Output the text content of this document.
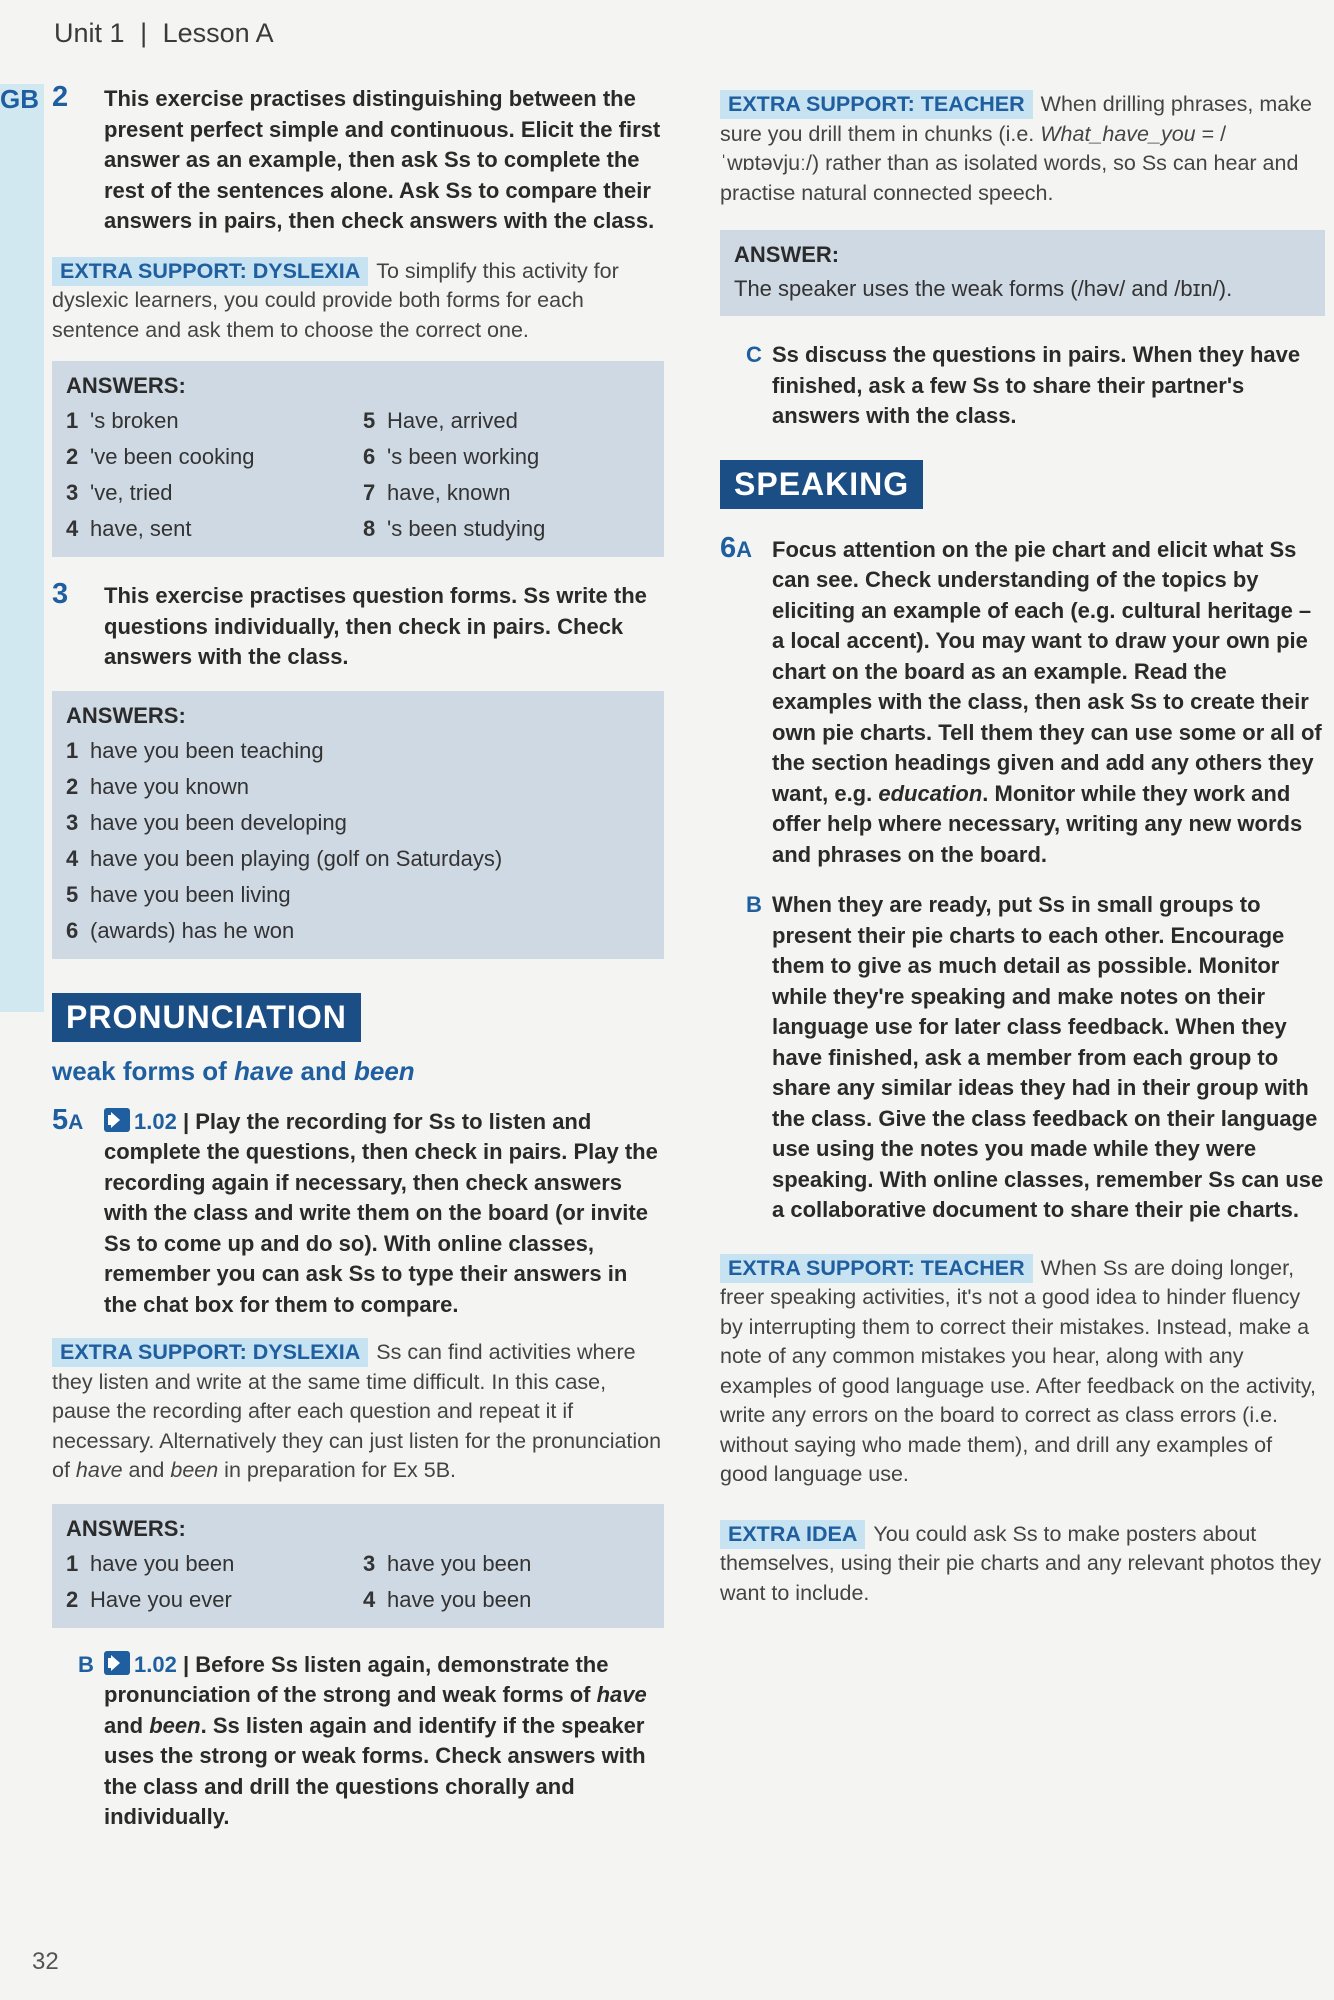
Unit 1 | Lesson A
GB 2 This exercise practises distinguishing between the present perfect simple and continuous. Elicit the first answer as an example, then ask Ss to complete the rest of the sentences alone. Ask Ss to compare their answers in pairs, then check answers with the class.
EXTRA SUPPORT: DYSLEXIA To simplify this activity for dyslexic learners, you could provide both forms for each sentence and ask them to choose the correct one.
ANSWERS:
1 's broken	5 Have, arrived
2 've been cooking	6 's been working
3 've, tried	7 have, known
4 have, sent	8 's been studying
3 This exercise practises question forms. Ss write the questions individually, then check in pairs. Check answers with the class.
ANSWERS:
1 have you been teaching
2 have you known
3 have you been developing
4 have you been playing (golf on Saturdays)
5 have you been living
6 (awards) has he won
PRONUNCIATION
weak forms of have and been
5A 1.02 | Play the recording for Ss to listen and complete the questions, then check in pairs. Play the recording again if necessary, then check answers with the class and write them on the board (or invite Ss to come up and do so). With online classes, remember you can ask Ss to type their answers in the chat box for them to compare.
EXTRA SUPPORT: DYSLEXIA Ss can find activities where they listen and write at the same time difficult. In this case, pause the recording after each question and repeat it if necessary. Alternatively they can just listen for the pronunciation of have and been in preparation for Ex 5B.
ANSWERS:
1 have you been	3 have you been
2 Have you ever	4 have you been
B 1.02 | Before Ss listen again, demonstrate the pronunciation of the strong and weak forms of have and been. Ss listen again and identify if the speaker uses the strong or weak forms. Check answers with the class and drill the questions chorally and individually.
EXTRA SUPPORT: TEACHER When drilling phrases, make sure you drill them in chunks (i.e. What_have_you = /ˈwɒtəvjuː/) rather than as isolated words, so Ss can hear and practise natural connected speech.
ANSWER:
The speaker uses the weak forms (/həv/ and /bɪn/).
C Ss discuss the questions in pairs. When they have finished, ask a few Ss to share their partner's answers with the class.
SPEAKING
6A Focus attention on the pie chart and elicit what Ss can see. Check understanding of the topics by eliciting an example of each (e.g. cultural heritage – a local accent). You may want to draw your own pie chart on the board as an example. Read the examples with the class, then ask Ss to create their own pie charts. Tell them they can use some or all of the section headings given and add any others they want, e.g. education. Monitor while they work and offer help where necessary, writing any new words and phrases on the board.
B When they are ready, put Ss in small groups to present their pie charts to each other. Encourage them to give as much detail as possible. Monitor while they're speaking and make notes on their language use for later class feedback. When they have finished, ask a member from each group to share any similar ideas they had in their group with the class. Give the class feedback on their language use using the notes you made while they were speaking. With online classes, remember Ss can use a collaborative document to share their pie charts.
EXTRA SUPPORT: TEACHER When Ss are doing longer, freer speaking activities, it's not a good idea to hinder fluency by interrupting them to correct their mistakes. Instead, make a note of any common mistakes you hear, along with any examples of good language use. After feedback on the activity, write any errors on the board to correct as class errors (i.e. without saying who made them), and drill any examples of good language use.
EXTRA IDEA You could ask Ss to make posters about themselves, using their pie charts and any relevant photos they want to include.
32
